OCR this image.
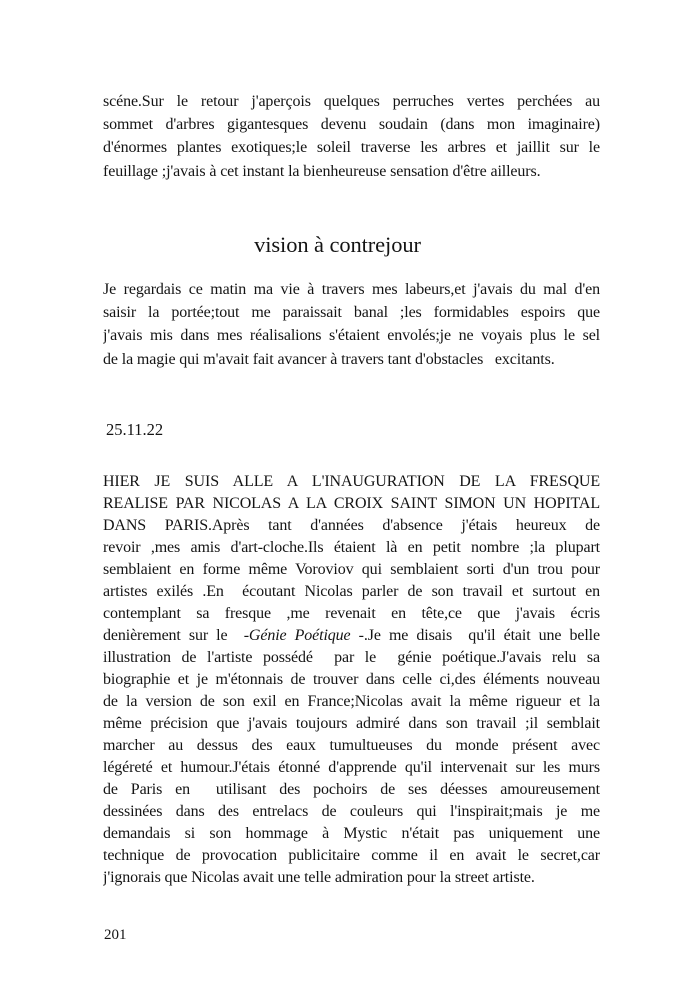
scéne.Sur le retour j'aperçois quelques perruches vertes perchées au
sommet d'arbres gigantesques devenu soudain (dans mon imaginaire)
d'énormes plantes exotiques;le soleil traverse les arbres et jaillit sur le
feuillage ;j'avais à cet instant la bienheureuse sensation d'être ailleurs.
vision à contrejour
Je regardais ce matin ma vie à travers mes labeurs,et j'avais du mal d'en
saisir la portée;tout me paraissait banal ;les formidables espoirs que
j'avais mis dans mes réalisalions s'étaient envolés;je ne voyais plus le sel
de la magie qui m'avait fait avancer à travers tant d'obstacles   excitants.
25.11.22
HIER JE SUIS ALLE A L'INAUGURATION DE LA FRESQUE
REALISE PAR NICOLAS A LA CROIX SAINT SIMON UN HOPITAL
DANS PARIS.Après tant d'années d'absence j'étais heureux de
revoir ,mes amis d'art-cloche.Ils étaient là en petit nombre ;la plupart
semblaient en forme même Voroviov qui semblaient sorti d'un trou pour
artistes exilés .En  écoutant Nicolas parler de son travail et surtout en
contemplant sa fresque ,me revenait en tête,ce que j'avais écris
denièrement sur le  -Génie Poétique -.Je me disais  qu'il était une belle
illustration de l'artiste possédé  par le  génie poétique.J'avais relu sa
biographie et je m'étonnais de trouver dans celle ci,des éléments nouveau
de la version de son exil en France;Nicolas avait la même rigueur et la
même précision que j'avais toujours admiré dans son travail ;il semblait
marcher au dessus des eaux tumultueuses du monde présent avec
légéreté et humour.J'étais étonné d'apprende qu'il intervenait sur les murs
de Paris en  utilisant des pochoirs de ses déesses amoureusement
dessinées dans des entrelacs de couleurs qui l'inspirait;mais je me
demandais si son hommage à Mystic n'était pas uniquement une
technique de provocation publicitaire comme il en avait le secret,car
j'ignorais que Nicolas avait une telle admiration pour la street artiste.
201
